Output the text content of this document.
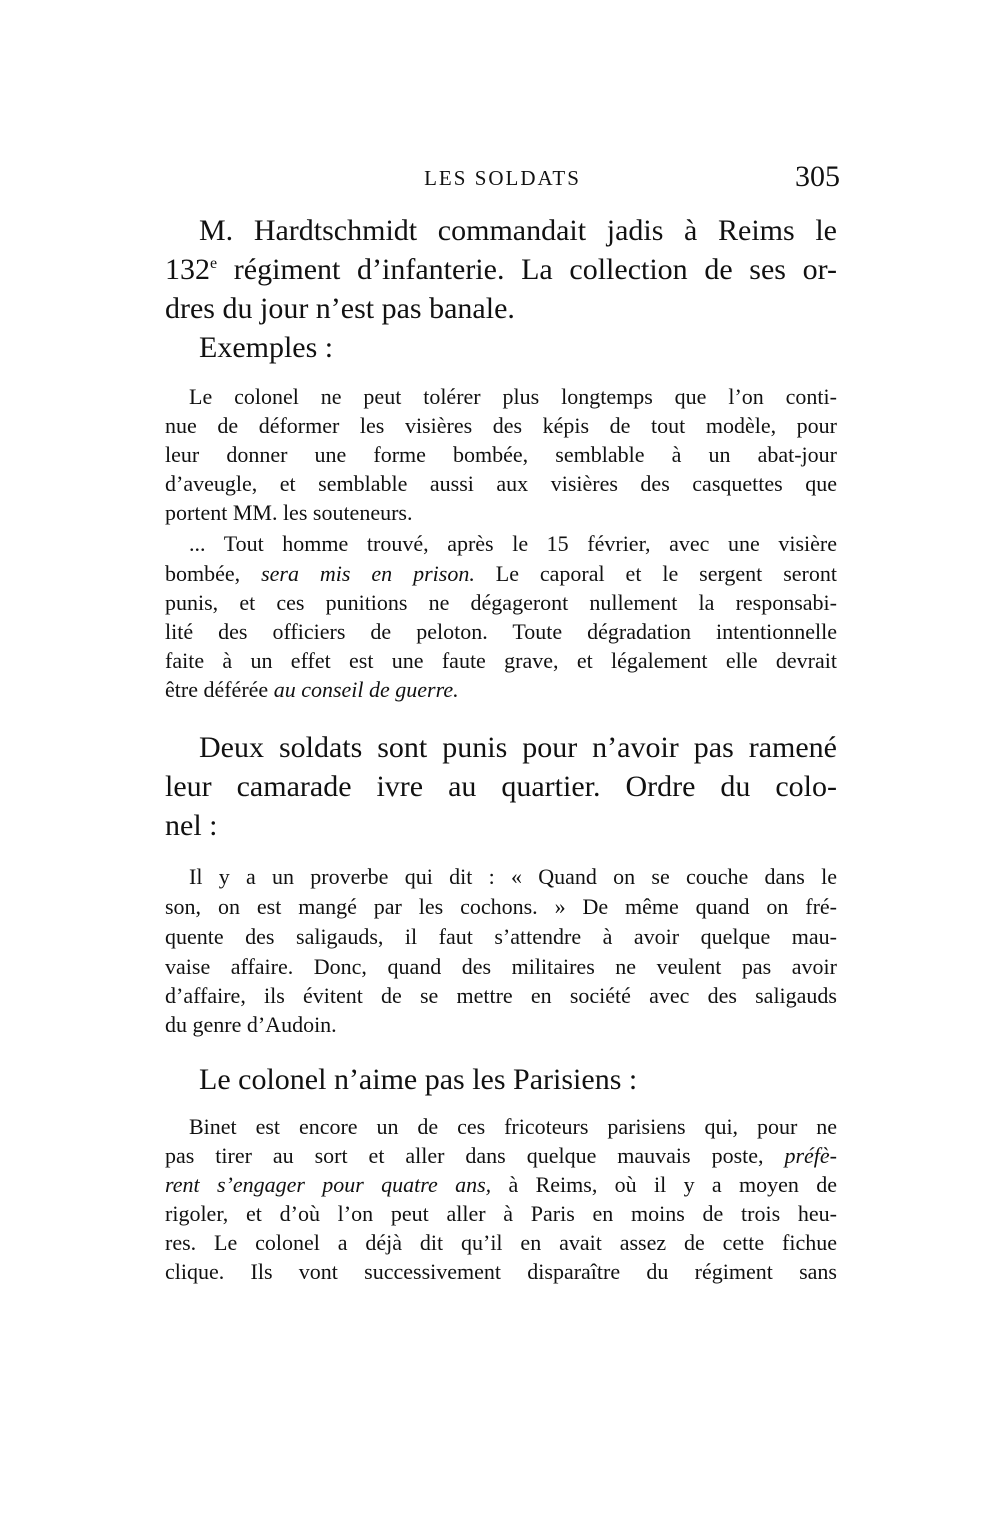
LES SOLDATS	305
M. Hardtschmidt commandait jadis à Reims le
132e régiment d’infanterie. La collection de ses or-
dres du jour n’est pas banale.
Exemples :
Le colonel ne peut tolérer plus longtemps que l’on conti-
nue de déformer les visières des képis de tout modèle, pour
leur donner une forme bombée, semblable à un abat-jour
d’aveugle, et semblable aussi aux visières des casquettes que
portent MM. les souteneurs.
... Tout homme trouvé, après le 15 février, avec une visière
bombée, sera mis en prison. Le caporal et le sergent seront
punis, et ces punitions ne dégageront nullement la responsabi-
lité des officiers de peloton. Toute dégradation intentionnelle
faite à un effet est une faute grave, et légalement elle devrait
être déférée au conseil de guerre.
Deux soldats sont punis pour n’avoir pas ramené
leur camarade ivre au quartier. Ordre du colo-
nel :
Il y a un proverbe qui dit : « Quand on se couche dans le
son, on est mangé par les cochons. » De même quand on fré-
quente des saligauds, il faut s’attendre à avoir quelque mau-
vaise affaire. Donc, quand des militaires ne veulent pas avoir
d’affaire, ils évitent de se mettre en société avec des saligauds
du genre d’Audoin.
Le colonel n’aime pas les Parisiens :
Binet est encore un de ces fricoteurs parisiens qui, pour ne
pas tirer au sort et aller dans quelque mauvais poste, préfè-
rent s’engager pour quatre ans, à Reims, où il y a moyen de
rigoler, et d’où l’on peut aller à Paris en moins de trois heu-
res. Le colonel a déjà dit qu’il en avait assez de cette fichue
clique. Ils vont successivement disparaître du régiment sans
